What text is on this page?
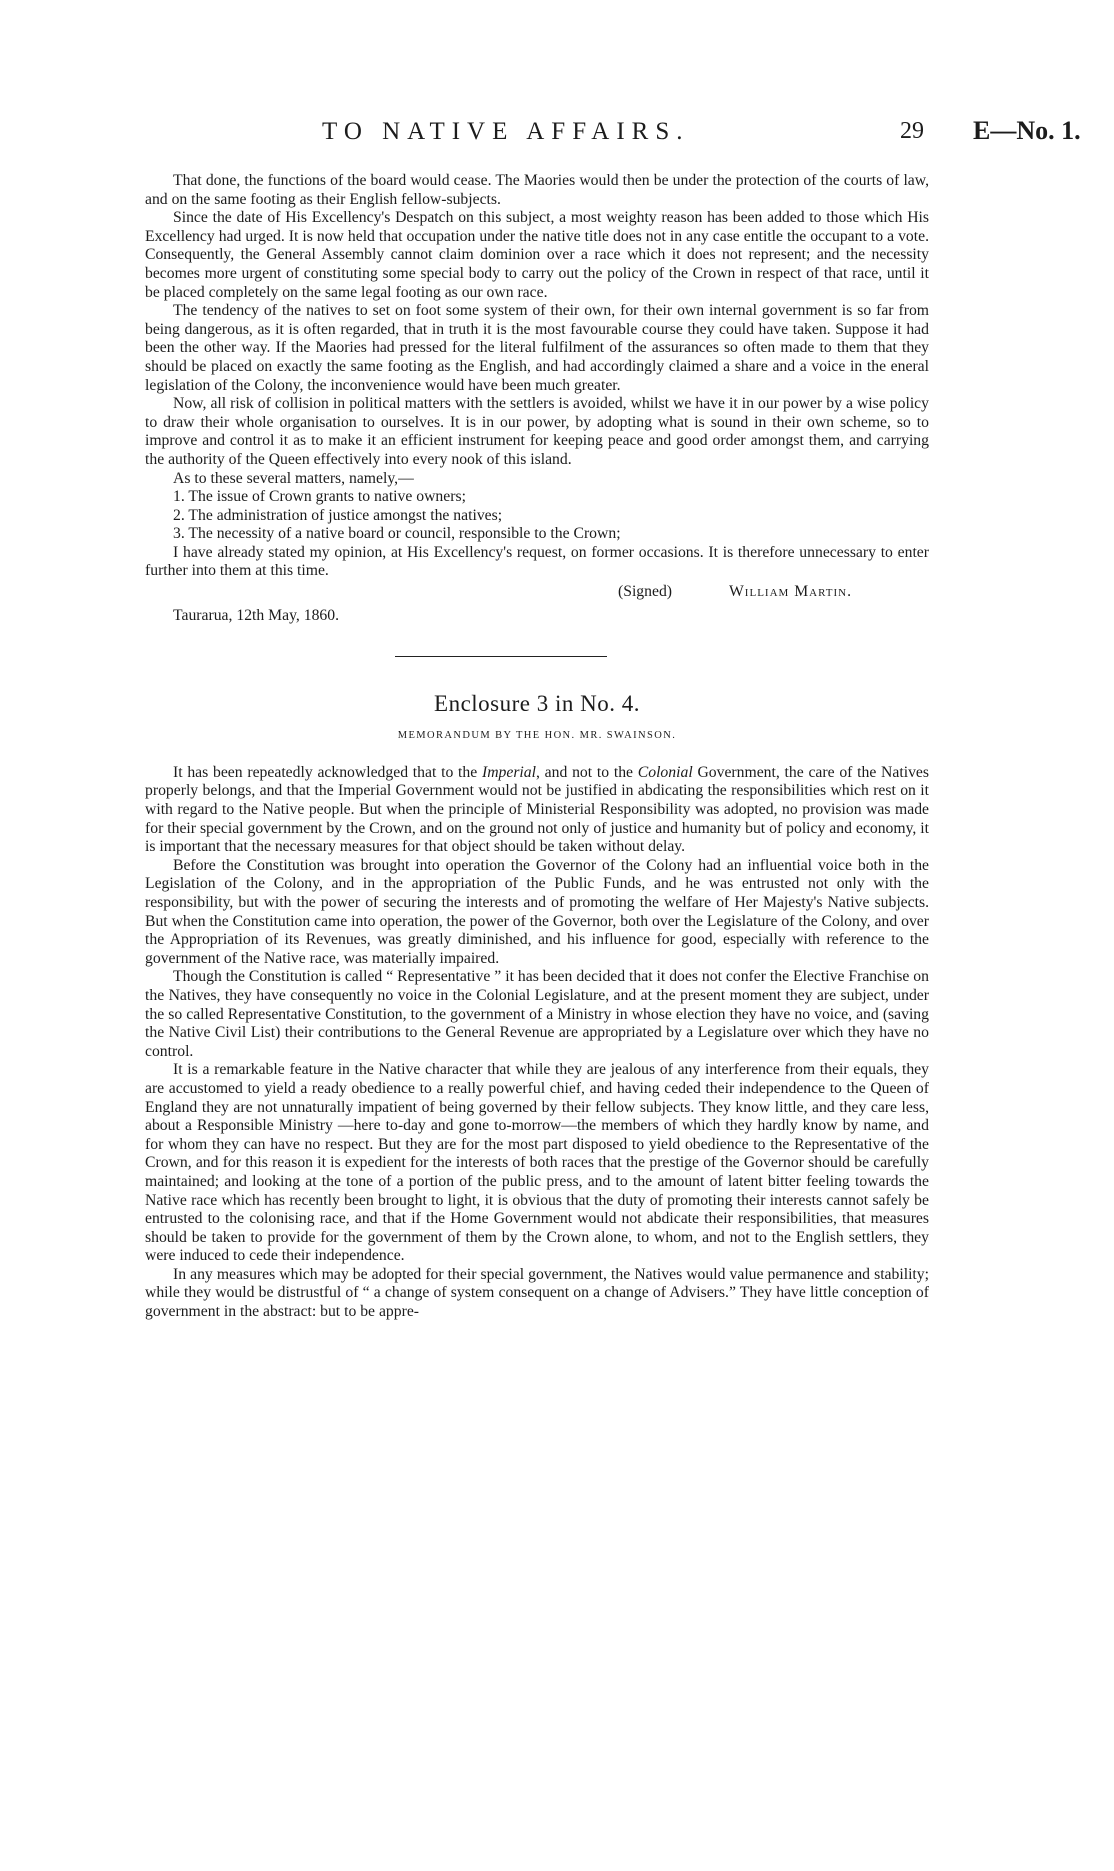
TO NATIVE AFFAIRS.	29 E—No. 1.

That done, the functions of the board would cease. The Maories would then be under the protection of the courts of law, and on the same footing as their English fellow-subjects.

Since the date of His Excellency's Despatch on this subject, a most weighty reason has been added to those which His Excellency had urged. It is now held that occupation under the native title does not in any case entitle the occupant to a vote. Consequently, the General Assembly cannot claim dominion over a race which it does not represent; and the necessity becomes more urgent of constituting some special body to carry out the policy of the Crown in respect of that race, until it be placed completely on the same legal footing as our own race.

The tendency of the natives to set on foot some system of their own, for their own internal government is so far from being dangerous, as it is often regarded, that in truth it is the most favourable course they could have taken. Suppose it had been the other way. If the Maories had pressed for the literal fulfilment of the assurances so often made to them that they should be placed on exactly the same footing as the English, and had accordingly claimed a share and a voice in the eneral legislation of the Colony, the inconvenience would have been much greater.

Now, all risk of collision in political matters with the settlers is avoided, whilst we have it in our power by a wise policy to draw their whole organisation to ourselves. It is in our power, by adopting what is sound in their own scheme, so to improve and control it as to make it an efficient instrument for keeping peace and good order amongst them, and carrying the authority of the Queen effectively into every nook of this island.

As to these several matters, namely,—

1. The issue of Crown grants to native owners;

2. The administration of justice amongst the natives;

3. The necessity of a native board or council, responsible to the Crown;

I have already stated my opinion, at His Excellency's request, on former occasions. It is therefore unnecessary to enter further into them at this time.

(Signed)	William Martin.

Taurarua, 12th May, 1860.

Enclosure 3 in No. 4.
MEMORANDUM BY THE HON. MR. SWAINSON.

It has been repeatedly acknowledged that to the Imperial, and not to the Colonial Government, the care of the Natives properly belongs, and that the Imperial Government would not be justified in abdicating the responsibilities which rest on it with regard to the Native people. But when the principle of Ministerial Responsibility was adopted, no provision was made for their special government by the Crown, and on the ground not only of justice and humanity but of policy and economy, it is important that the necessary measures for that object should be taken without delay.

Before the Constitution was brought into operation the Governor of the Colony had an influential voice both in the Legislation of the Colony, and in the appropriation of the Public Funds, and he was entrusted not only with the responsibility, but with the power of securing the interests and of promoting the welfare of Her Majesty's Native subjects. But when the Constitution came into operation, the power of the Governor, both over the Legislature of the Colony, and over the Appropriation of its Revenues, was greatly diminished, and his influence for good, especially with reference to the government of the Native race, was materially impaired.

Though the Constitution is called “ Representative ” it has been decided that it does not confer the Elective Franchise on the Natives, they have consequently no voice in the Colonial Legislature, and at the present moment they are subject, under the so called Representative Constitution, to the government of a Ministry in whose election they have no voice, and (saving the Native Civil List) their contributions to the General Revenue are appropriated by a Legislature over which they have no control.

It is a remarkable feature in the Native character that while they are jealous of any interference from their equals, they are accustomed to yield a ready obedience to a really powerful chief, and having ceded their independence to the Queen of England they are not unnaturally impatient of being governed by their fellow subjects. They know little, and they care less, about a Responsible Ministry —here to-day and gone to-morrow—the members of which they hardly know by name, and for whom they can have no respect. But they are for the most part disposed to yield obedience to the Representative of the Crown, and for this reason it is expedient for the interests of both races that the prestige of the Governor should be carefully maintained; and looking at the tone of a portion of the public press, and to the amount of latent bitter feeling towards the Native race which has recently been brought to light, it is obvious that the duty of promoting their interests cannot safely be entrusted to the colonising race, and that if the Home Government would not abdicate their responsibilities, that measures should be taken to provide for the government of them by the Crown alone, to whom, and not to the English settlers, they were induced to cede their independence.

In any measures which may be adopted for their special government, the Natives would value permanence and stability; while they would be distrustful of “ a change of system consequent on a change of Advisers.” They have little conception of government in the abstract: but to be appre-
